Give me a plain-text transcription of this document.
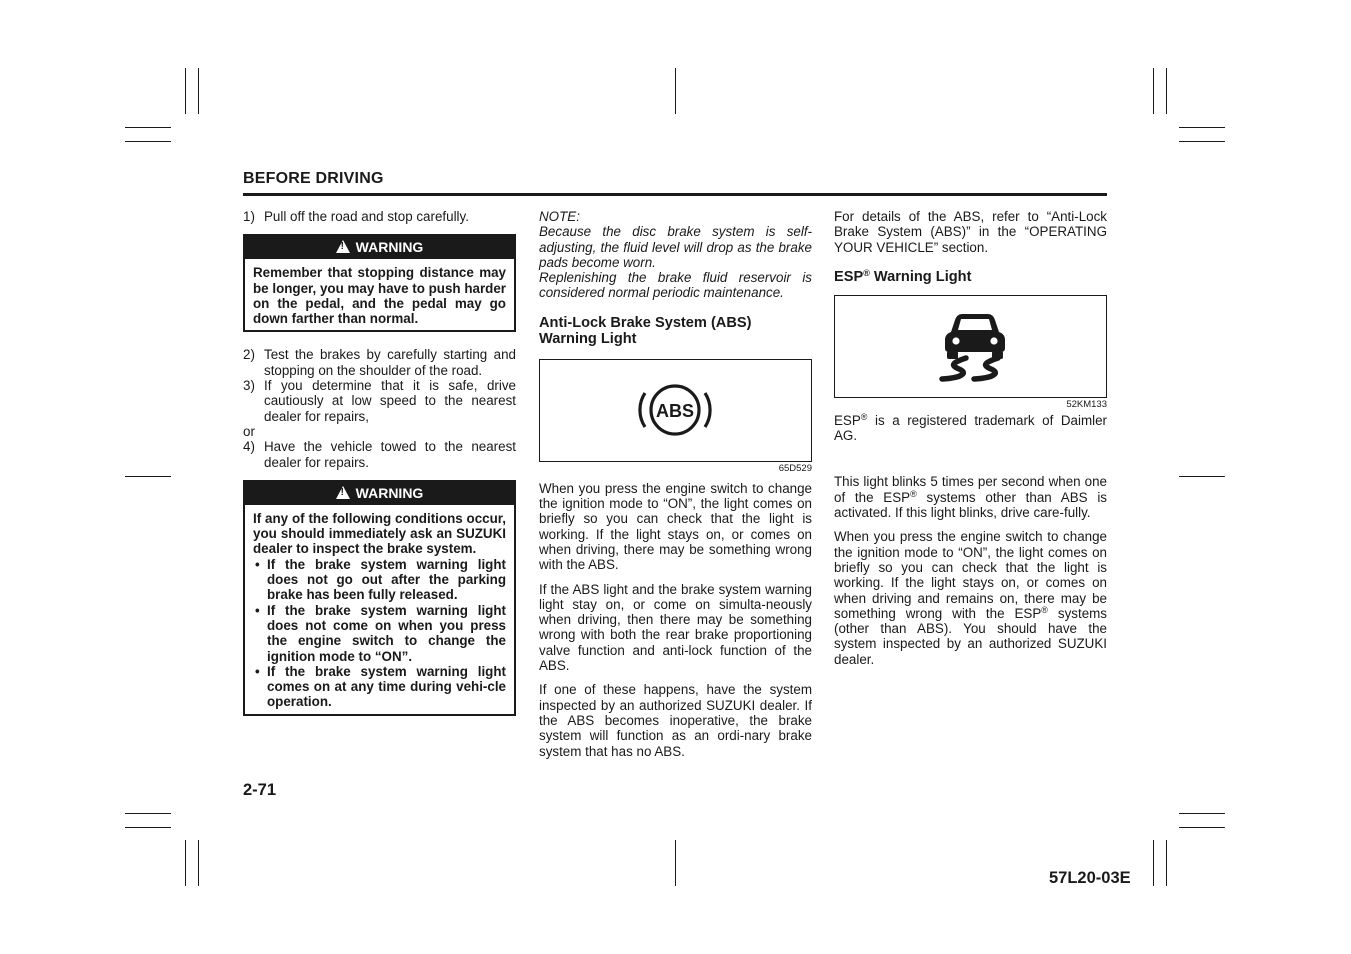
BEFORE DRIVING
1) Pull off the road and stop carefully.
!WARNING

Remember that stopping distance may be longer, you may have to push harder on the pedal, and the pedal may go down farther than normal.

2) Test the brakes by carefully starting and stopping on the shoulder of the road.
3) If you determine that it is safe, drive cautiously at low speed to the nearest dealer for repairs,
or
4) Have the vehicle towed to the nearest dealer for repairs.
!WARNING

If any of the following conditions occur, you should immediately ask an SUZUKI dealer to inspect the brake system.

• If the brake system warning light does not go out after the parking brake has been fully released.
• If the brake system warning light does not come on when you press the engine switch to change the ignition mode to “ON”.
• If the brake system warning light comes on at any time during vehi-cle operation.
NOTE:

Because the disc brake system is self-adjusting, the fluid level will drop as the brake pads become worn.

Replenishing the brake fluid reservoir is considered normal periodic maintenance.

Anti-Lock Brake System (ABS) Warning Light
ABS
65D529

When you press the engine switch to change the ignition mode to “ON”, the light comes on briefly so you can check that the light is working. If the light stays on, or comes on when driving, there may be something wrong with the ABS.

If the ABS light and the brake system warning light stay on, or come on simulta-neously when driving, then there may be something wrong with both the rear brake proportioning valve function and anti-lock function of the ABS.

If one of these happens, have the system inspected by an authorized SUZUKI dealer. If the ABS becomes inoperative, the brake system will function as an ordi-nary brake system that has no ABS.

For details of the ABS, refer to “Anti-Lock Brake System (ABS)” in the “OPERATING YOUR VEHICLE” section.

ESP® Warning Light
52KM133

ESP® is a registered trademark of Daimler AG.

This light blinks 5 times per second when one of the ESP® systems other than ABS is activated. If this light blinks, drive care-fully.

When you press the engine switch to change the ignition mode to “ON”, the light comes on briefly so you can check that the light is working. If the light stays on, or comes on when driving and remains on, there may be something wrong with the ESP® systems (other than ABS). You should have the system inspected by an authorized SUZUKI dealer.

2-71
57L20-03E
